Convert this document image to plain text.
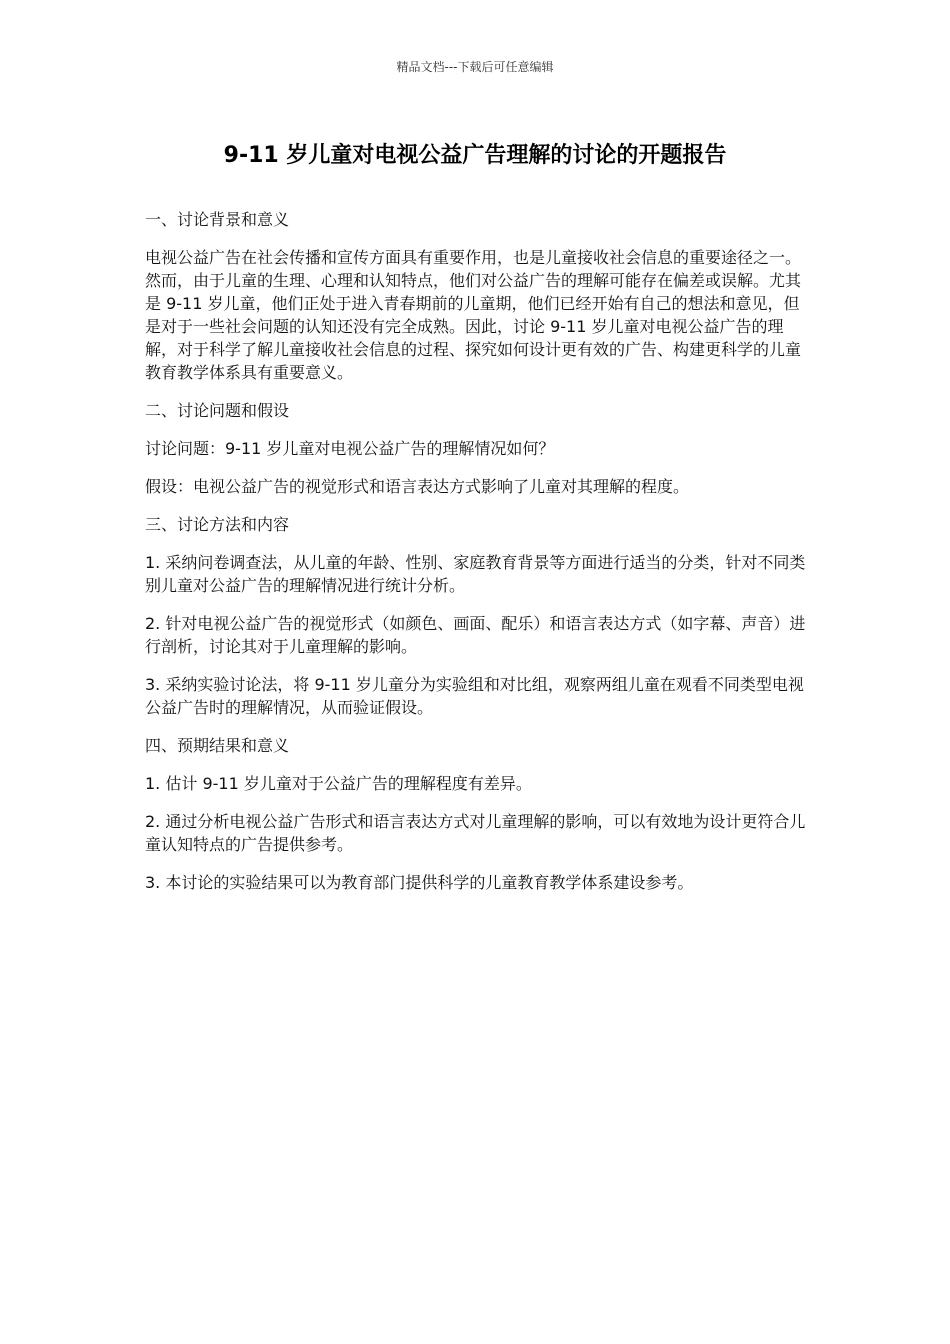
精品文档---下载后可任意编辑
9-11 岁儿童对电视公益广告理解的讨论的开题报告

一、讨论背景和意义

电视公益广告在社会传播和宣传方面具有重要作用，也是儿童接收社会信息的重要途径之一。然而，由于儿童的生理、心理和认知特点，他们对公益广告的理解可能存在偏差或误解。尤其是 9-11 岁儿童，他们正处于进入青春期前的儿童期，他们已经开始有自己的想法和意见，但是对于一些社会问题的认知还没有完全成熟。因此，讨论 9-11 岁儿童对电视公益广告的理解，对于科学了解儿童接收社会信息的过程、探究如何设计更有效的广告、构建更科学的儿童教育教学体系具有重要意义。

二、讨论问题和假设

讨论问题：9-11 岁儿童对电视公益广告的理解情况如何？

假设：电视公益广告的视觉形式和语言表达方式影响了儿童对其理解的程度。

三、讨论方法和内容

1. 采纳问卷调查法，从儿童的年龄、性别、家庭教育背景等方面进行适当的分类，针对不同类别儿童对公益广告的理解情况进行统计分析。

2. 针对电视公益广告的视觉形式（如颜色、画面、配乐）和语言表达方式（如字幕、声音）进行剖析，讨论其对于儿童理解的影响。

3. 采纳实验讨论法，将 9-11 岁儿童分为实验组和对比组，观察两组儿童在观看不同类型电视公益广告时的理解情况，从而验证假设。

四、预期结果和意义

1. 估计 9-11 岁儿童对于公益广告的理解程度有差异。

2. 通过分析电视公益广告形式和语言表达方式对儿童理解的影响，可以有效地为设计更符合儿童认知特点的广告提供参考。

3. 本讨论的实验结果可以为教育部门提供科学的儿童教育教学体系建设参考。
